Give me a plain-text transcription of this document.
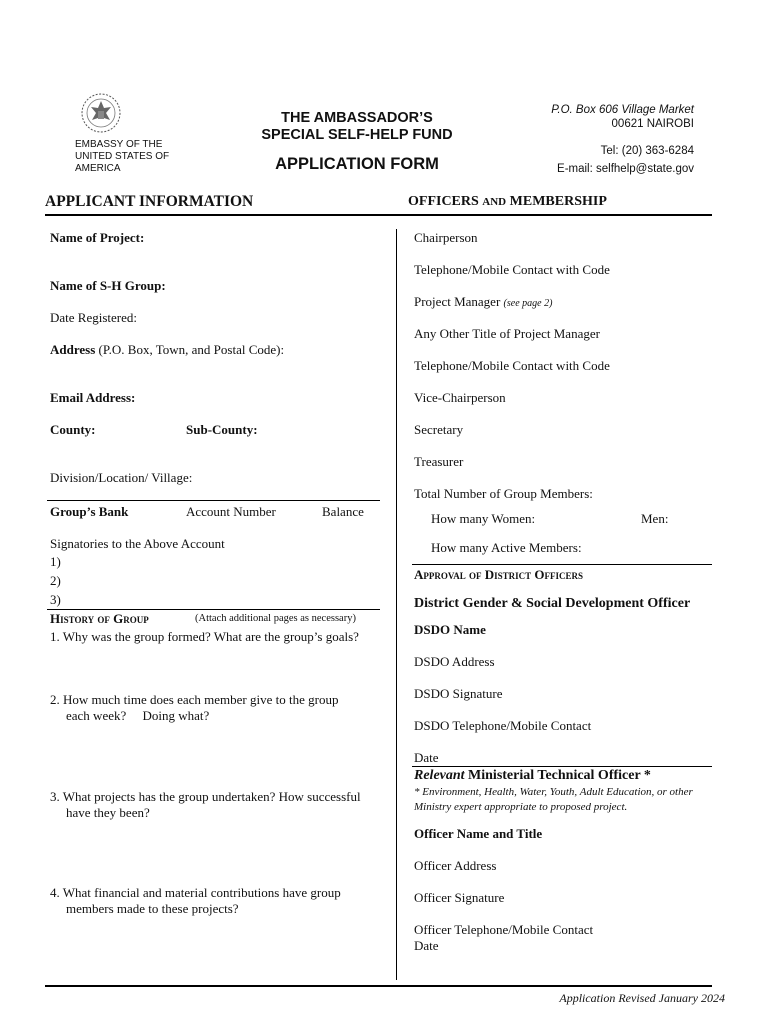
EMBASSY OF THE
UNITED STATES OF
AMERICA
THE AMBASSADOR’S
SPECIAL SELF-HELP FUND
APPLICATION FORM
P.O. Box 606 Village Market
00621 NAIROBI
Tel: (20) 363-6284
E-mail: selfhelp@state.gov
APPLICANT INFORMATION	OFFICERS AND MEMBERSHIP
Name of Project:
Name of S-H Group:
Date Registered:
Address (P.O. Box, Town, and Postal Code):
Email Address:
County:	Sub-County:
Division/Location/ Village:
Group’s Bank	Account Number	Balance
Signatories to the Above Account
1)
2)
3)
History of Group	(Attach additional pages as necessary)
1. Why was the group formed? What are the group’s goals?
2. How much time does each member give to the group
each week?     Doing what?
3. What projects has the group undertaken? How successful
have they been?
4. What financial and material contributions have group
members made to these projects?
Chairperson
Telephone/Mobile Contact with Code
Project Manager (see page 2)
Any Other Title of Project Manager
Telephone/Mobile Contact with Code
Vice-Chairperson
Secretary
Treasurer
Total Number of Group Members:
How many Women:	Men:
How many Active Members:
Approval of District Officers
District Gender & Social Development Officer
DSDO Name
DSDO Address
DSDO Signature
DSDO Telephone/Mobile Contact
Date
Relevant Ministerial Technical Officer *
* Environment, Health, Water, Youth, Adult Education, or other
Ministry expert appropriate to proposed project.
Officer Name and Title
Officer Address
Officer Signature
Officer Telephone/Mobile Contact
Date
Application Revised January 2024
